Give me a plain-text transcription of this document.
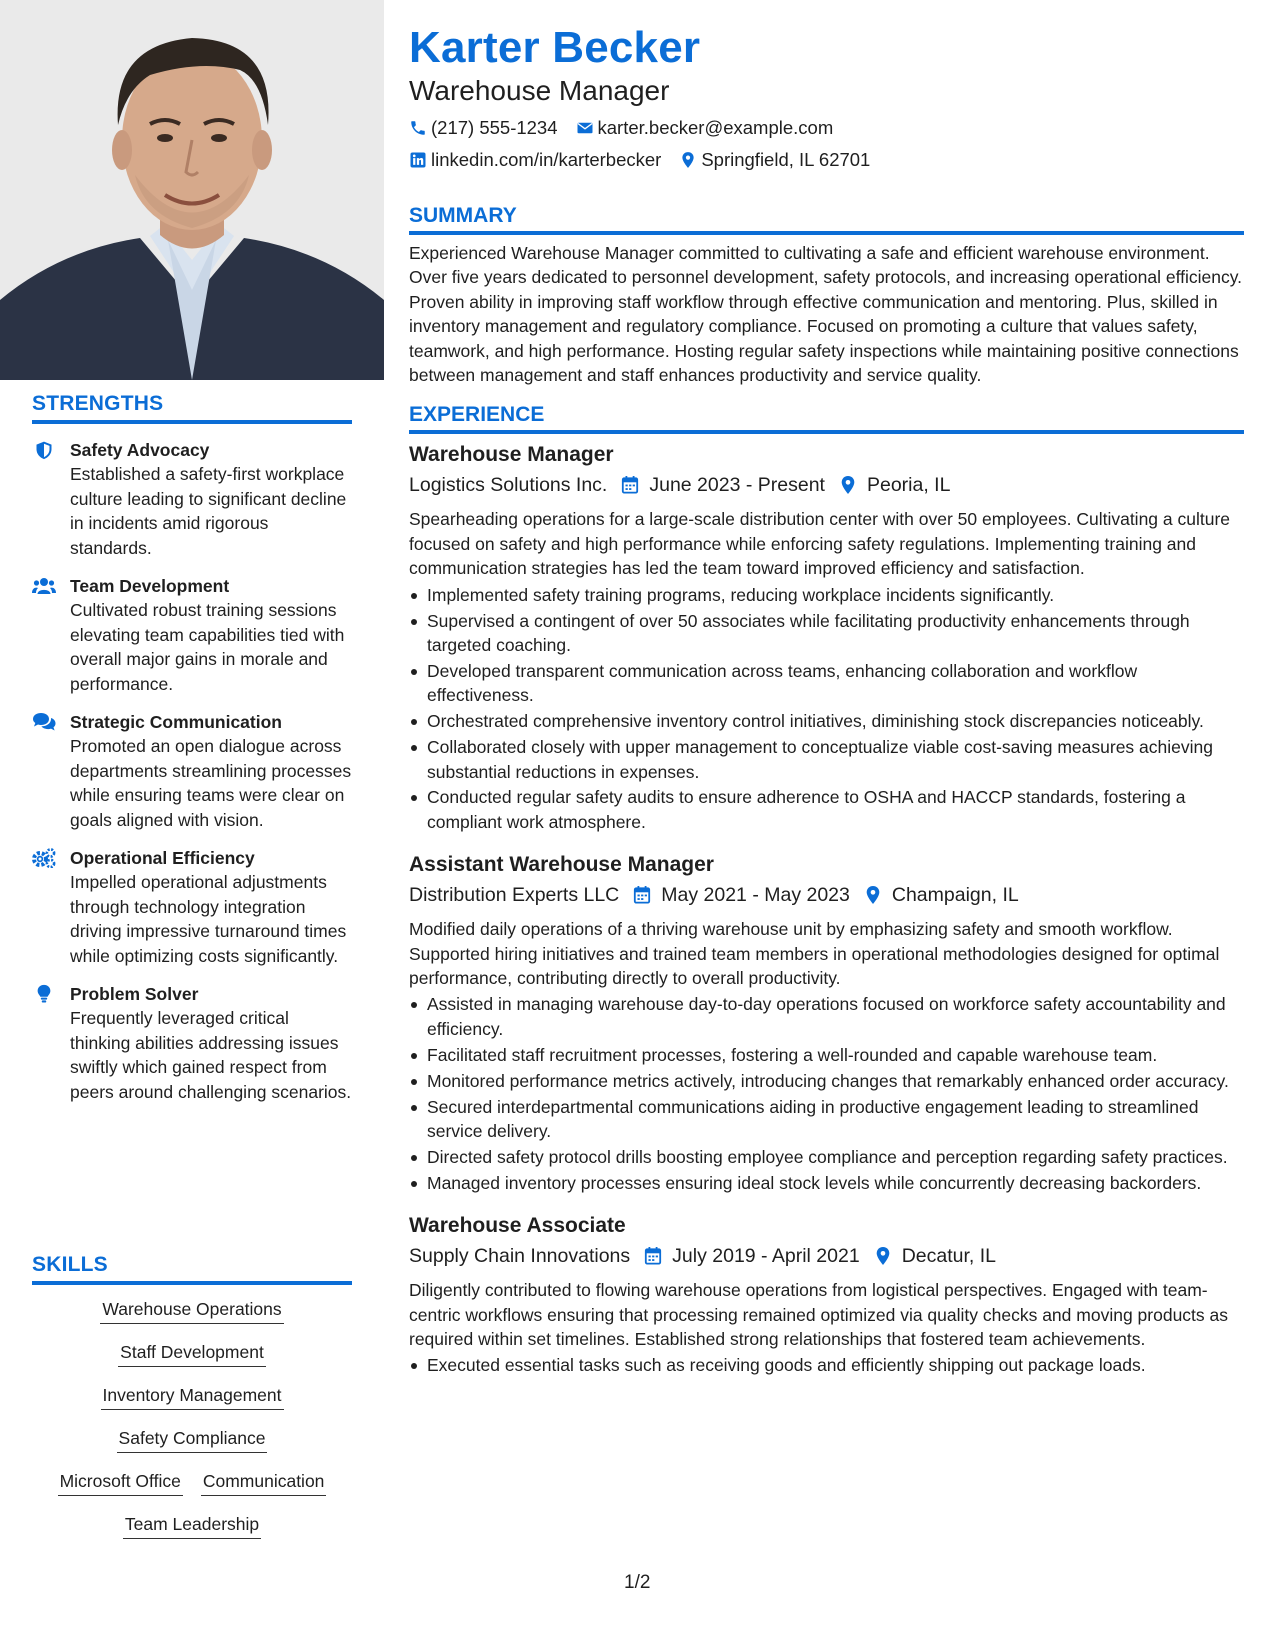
STRENGTHS
Safety Advocacy
Established a safety-first workplace culture leading to significant decline in incidents amid rigorous standards.
Team Development
Cultivated robust training sessions elevating team capabilities tied with overall major gains in morale and performance.
Strategic Communication
Promoted an open dialogue across departments streamlining processes while ensuring teams were clear on goals aligned with vision.
Operational Efficiency
Impelled operational adjustments through technology integration driving impressive turnaround times while optimizing costs significantly.
Problem Solver
Frequently leveraged critical thinking abilities addressing issues swiftly which gained respect from peers around challenging scenarios.
SKILLS
Warehouse Operations
Staff Development
Inventory Management
Safety Compliance
Microsoft Office Communication
Team Leadership
Karter Becker
Warehouse Manager
(217) 555-1234 karter.becker@example.com
linkedin.com/in/karterbecker Springfield, IL 62701
SUMMARY
Experienced Warehouse Manager committed to cultivating a safe and efficient warehouse environment. Over five years dedicated to personnel development, safety protocols, and increasing operational efficiency. Proven ability in improving staff workflow through effective communication and mentoring. Plus, skilled in inventory management and regulatory compliance. Focused on promoting a culture that values safety, teamwork, and high performance. Hosting regular safety inspections while maintaining positive connections between management and staff enhances productivity and service quality.
EXPERIENCE
Warehouse Manager
Logistics Solutions Inc. June 2023 - Present Peoria, IL
Spearheading operations for a large-scale distribution center with over 50 employees. Cultivating a culture focused on safety and high performance while enforcing safety regulations. Implementing training and communication strategies has led the team toward improved efficiency and satisfaction.
Implemented safety training programs, reducing workplace incidents significantly.
Supervised a contingent of over 50 associates while facilitating productivity enhancements through targeted coaching.
Developed transparent communication across teams, enhancing collaboration and workflow effectiveness.
Orchestrated comprehensive inventory control initiatives, diminishing stock discrepancies noticeably.
Collaborated closely with upper management to conceptualize viable cost-saving measures achieving substantial reductions in expenses.
Conducted regular safety audits to ensure adherence to OSHA and HACCP standards, fostering a compliant work atmosphere.
Assistant Warehouse Manager
Distribution Experts LLC May 2021 - May 2023 Champaign, IL
Modified daily operations of a thriving warehouse unit by emphasizing safety and smooth workflow. Supported hiring initiatives and trained team members in operational methodologies designed for optimal performance, contributing directly to overall productivity.
Assisted in managing warehouse day-to-day operations focused on workforce safety accountability and efficiency.
Facilitated staff recruitment processes, fostering a well-rounded and capable warehouse team.
Monitored performance metrics actively, introducing changes that remarkably enhanced order accuracy.
Secured interdepartmental communications aiding in productive engagement leading to streamlined service delivery.
Directed safety protocol drills boosting employee compliance and perception regarding safety practices.
Managed inventory processes ensuring ideal stock levels while concurrently decreasing backorders.
Warehouse Associate
Supply Chain Innovations July 2019 - April 2021 Decatur, IL
Diligently contributed to flowing warehouse operations from logistical perspectives. Engaged with team-centric workflows ensuring that processing remained optimized via quality checks and moving products as required within set timelines. Established strong relationships that fostered team achievements.
Executed essential tasks such as receiving goods and efficiently shipping out package loads.
1/2
